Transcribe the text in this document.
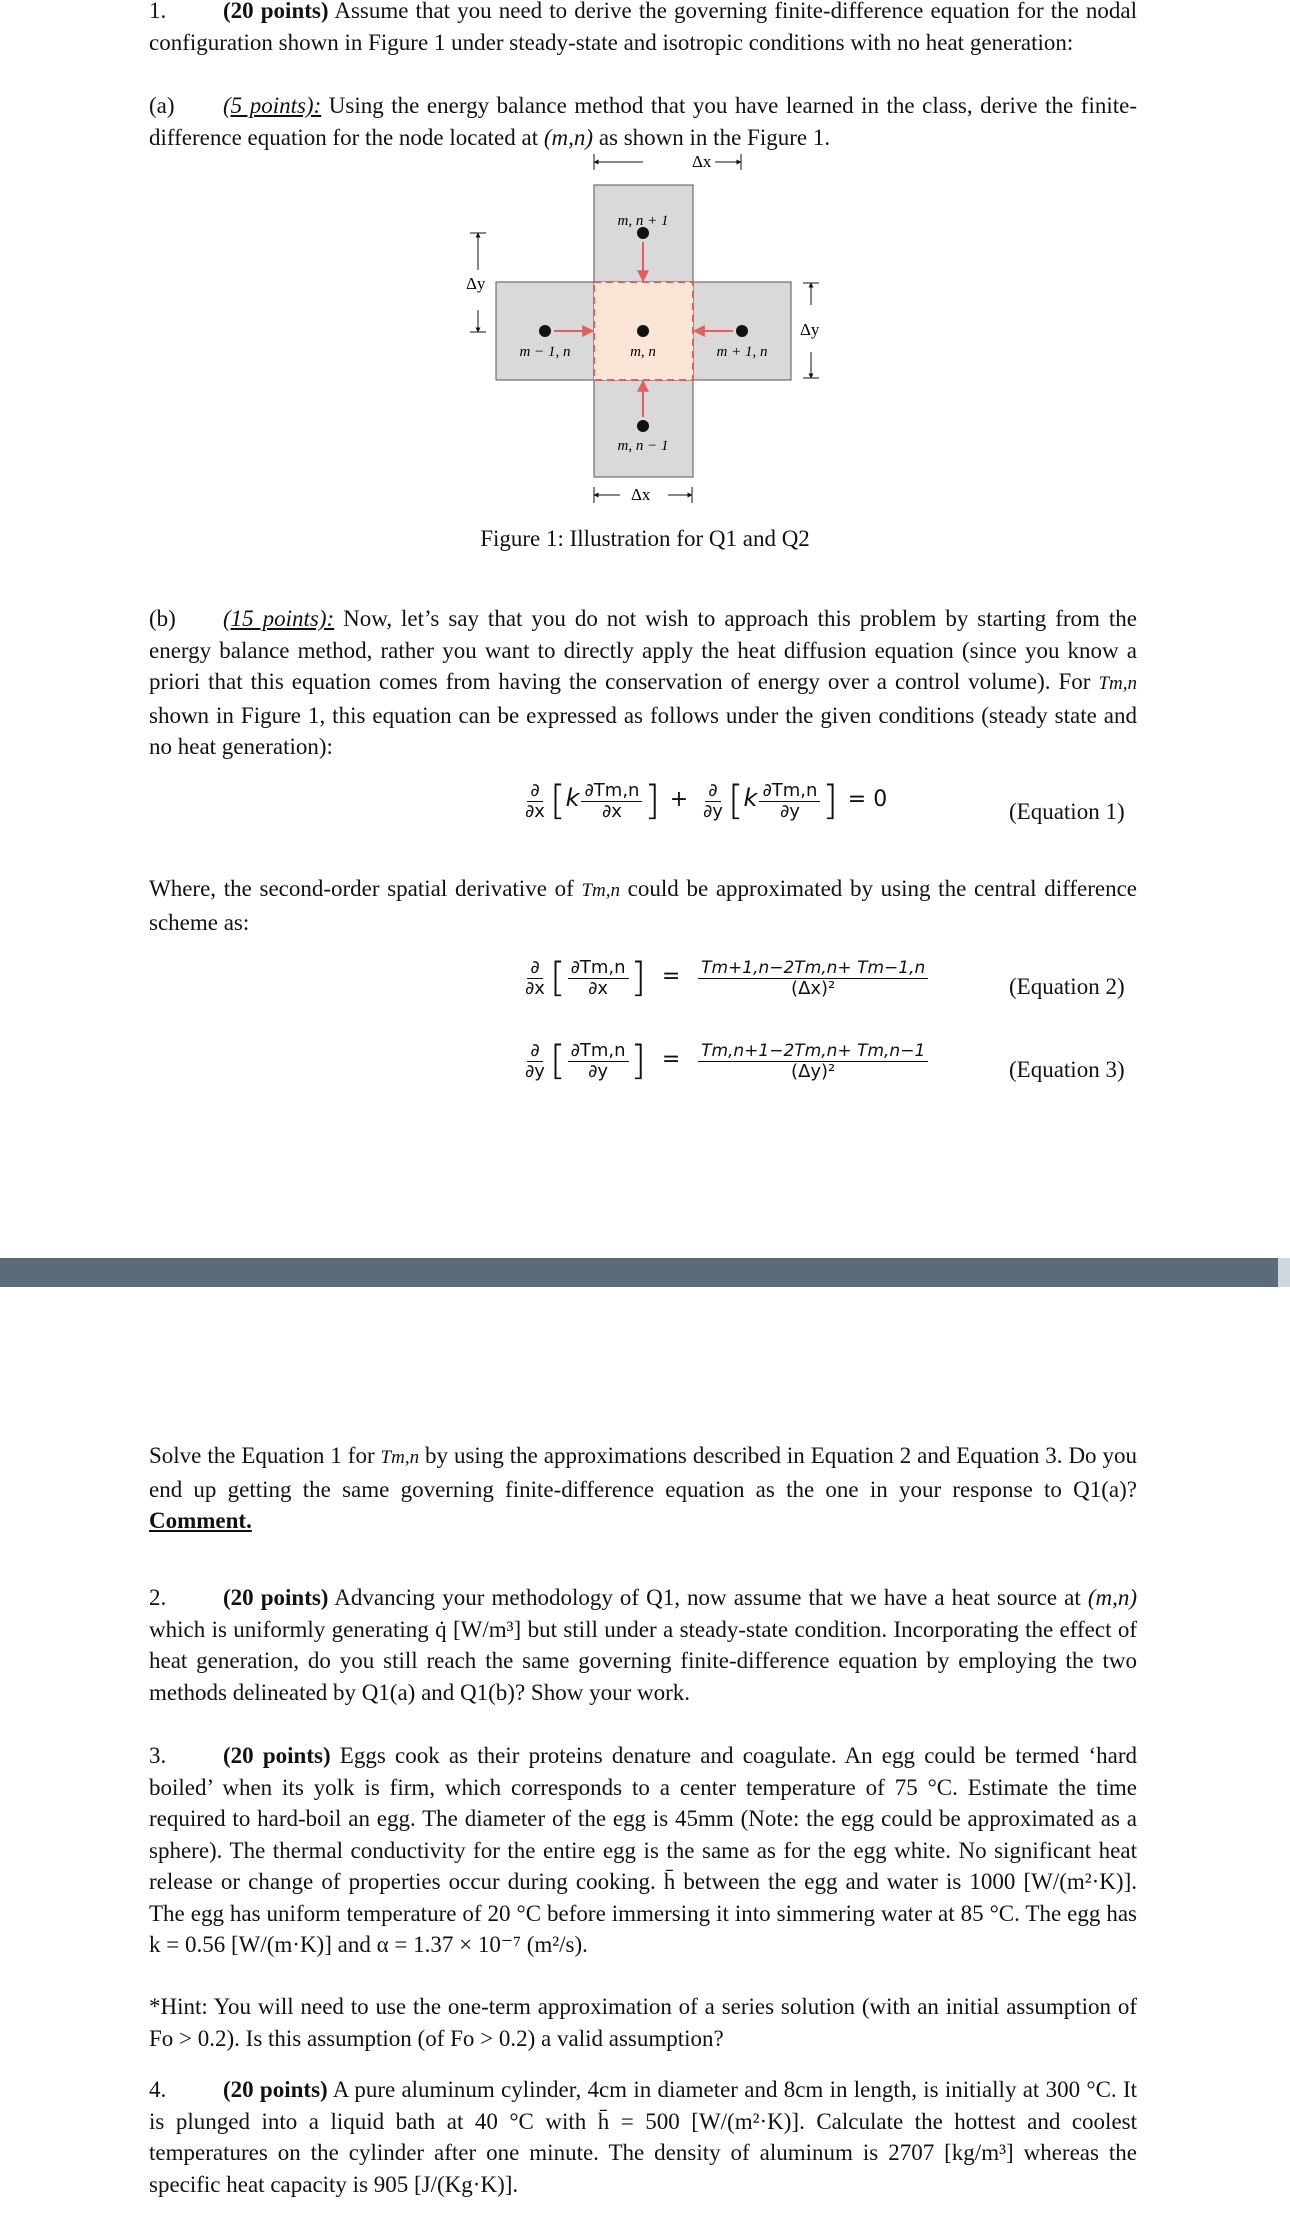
1. (20 points) Assume that you need to derive the governing finite-difference equation for the nodal configuration shown in Figure 1 under steady-state and isotropic conditions with no heat generation:
(a) (5 points): Using the energy balance method that you have learned in the class, derive the finite-difference equation for the node located at (m,n) as shown in the Figure 1.
Δx
Δx
Δy
Δy
m, n + 1
m − 1, n	m, n	m + 1, n
m, n − 1
Figure 1: Illustration for Q1 and Q2
(b) (15 points): Now, let’s say that you do not wish to approach this problem by starting from the energy balance method, rather you want to directly apply the heat diffusion equation (since you know a priori that this equation comes from having the conservation of energy over a control volume). For Tm,n shown in Figure 1, this equation can be expressed as follows under the given conditions (steady state and no heat generation):
$\frac{\partial}{\partial x} [k \frac{\partial Tm,n}{\partial x}$ ] + $\frac{\partial}{\partial y} [k \frac{\partial Tm,n}{\partial y}$ ] = 0	(Equation 1)
Where, the second-order spatial derivative of Tm,n could be approximated by using the central difference scheme as:
$\frac{\partial}{\partial x}$ [ $\frac{\partial Tm,n}{\partial x}$ ] = $\frac{Tm+1,n-2Tm,n+ Tm-1,n}{\text{(Δx)²}}$	(Equation 2)
$\frac{\partial}{\partial y}$ [ $\frac{\partial Tm,n}{\partial y}$ ] = $\frac{Tm,n+1-2Tm,n+ Tm,n-1}{\text{(Δy)²}}$	(Equation 3)
Solve the Equation 1 for Tm,n by using the approximations described in Equation 2 and Equation 3. Do you end up getting the same governing finite-difference equation as the one in your response to Q1(a)? Comment.
2. (20 points) Advancing your methodology of Q1, now assume that we have a heat source at (m,n) which is uniformly generating q̇ [W/m³] but still under a steady-state condition. Incorporating the effect of heat generation, do you still reach the same governing finite-difference equation by employing the two methods delineated by Q1(a) and Q1(b)? Show your work.
3. (20 points) Eggs cook as their proteins denature and coagulate. An egg could be termed ‘hard boiled’ when its yolk is firm, which corresponds to a center temperature of 75 °C. Estimate the time required to hard-boil an egg. The diameter of the egg is 45mm (Note: the egg could be approximated as a sphere). The thermal conductivity for the entire egg is the same as for the egg white. No significant heat release or change of properties occur during cooking. h̄ between the egg and water is 1000 [W/(m²·K)]. The egg has uniform temperature of 20 °C before immersing it into simmering water at 85 °C. The egg has k = 0.56 [W/(m·K)] and α = 1.37 × 10⁻⁷ (m²/s).
*Hint: You will need to use the one-term approximation of a series solution (with an initial assumption of Fo > 0.2). Is this assumption (of Fo > 0.2) a valid assumption?
4. (20 points) A pure aluminum cylinder, 4cm in diameter and 8cm in length, is initially at 300 °C. It is plunged into a liquid bath at 40 °C with h̄ = 500 [W/(m²·K)]. Calculate the hottest and coolest temperatures on the cylinder after one minute. The density of aluminum is 2707 [kg/m³] whereas the specific heat capacity is 905 [J/(Kg·K)].
